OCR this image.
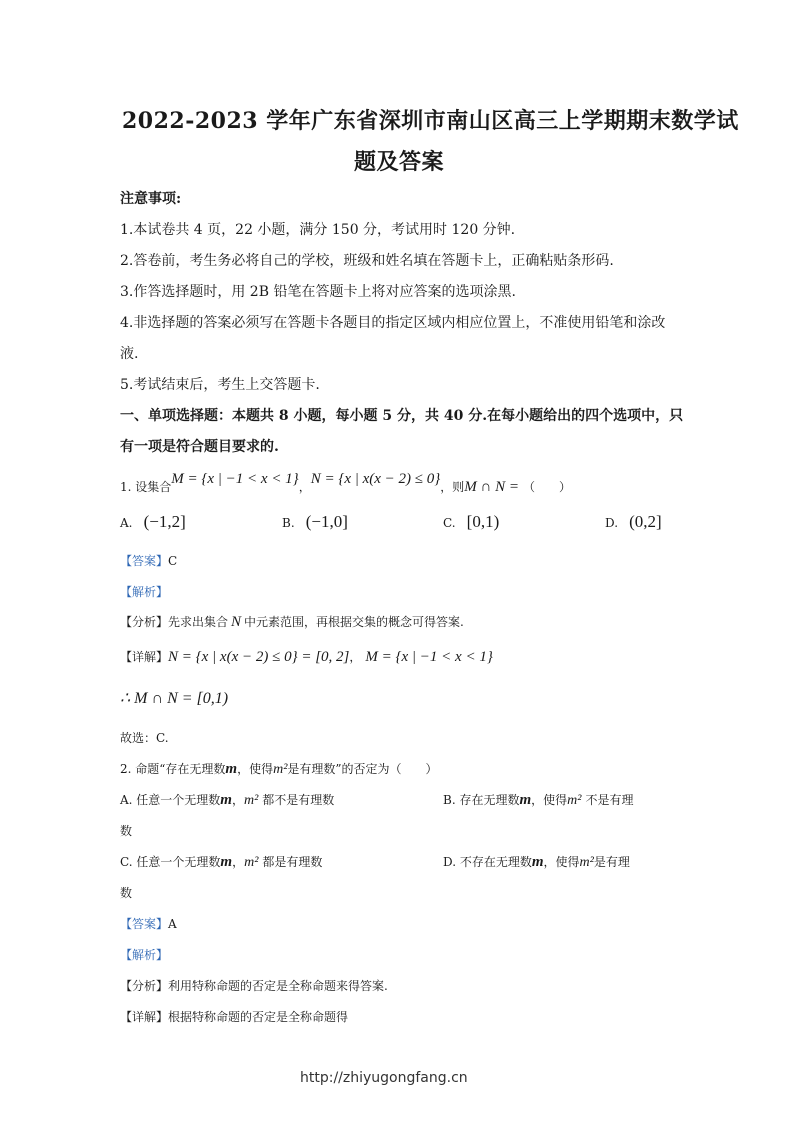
2022-2023 学年广东省深圳市南山区高三上学期期末数学试
题及答案
注意事项:
1.本试卷共 4 页，22 小题，满分 150 分，考试用时 120 分钟.
2.答卷前，考生务必将自己的学校，班级和姓名填在答题卡上，正确粘贴条形码.
3.作答选择题时，用 2B 铅笔在答题卡上将对应答案的选项涂黑.
4.非选择题的答案必须写在答题卡各题目的指定区域内相应位置上，不准使用铅笔和涂改
液.
5.考试结束后，考生上交答题卡.
一、单项选择题：本题共 8 小题，每小题 5 分，共 40 分.在每小题给出的四个选项中，只
有一项是符合题目要求的.
1. 设集合M = {x | −1 < x < 1}，N = {x | x(x − 2) ≤ 0}，则M ∩ N = （　　）
A. (−1,2]	B. (−1,0]	C. [0,1)	D. (0,2]
【答案】C
【解析】
【分析】先求出集合 N 中元素范围，再根据交集的概念可得答案.
【详解】N = {x | x(x − 2) ≤ 0} = [0, 2]， M = {x | −1 < x < 1}
∴ M ∩ N = [0,1)
故选：C.
2. 命题“存在无理数m，使得m²是有理数”的否定为（　　）
A. 任意一个无理数m，m² 都不是有理数	B. 存在无理数m，使得m² 不是有理
数
C. 任意一个无理数m，m² 都是有理数	D. 不存在无理数m，使得m²是有理
数
【答案】A
【解析】
【分析】利用特称命题的否定是全称命题来得答案.
【详解】根据特称命题的否定是全称命题得
http://zhiyugongfang.cn
